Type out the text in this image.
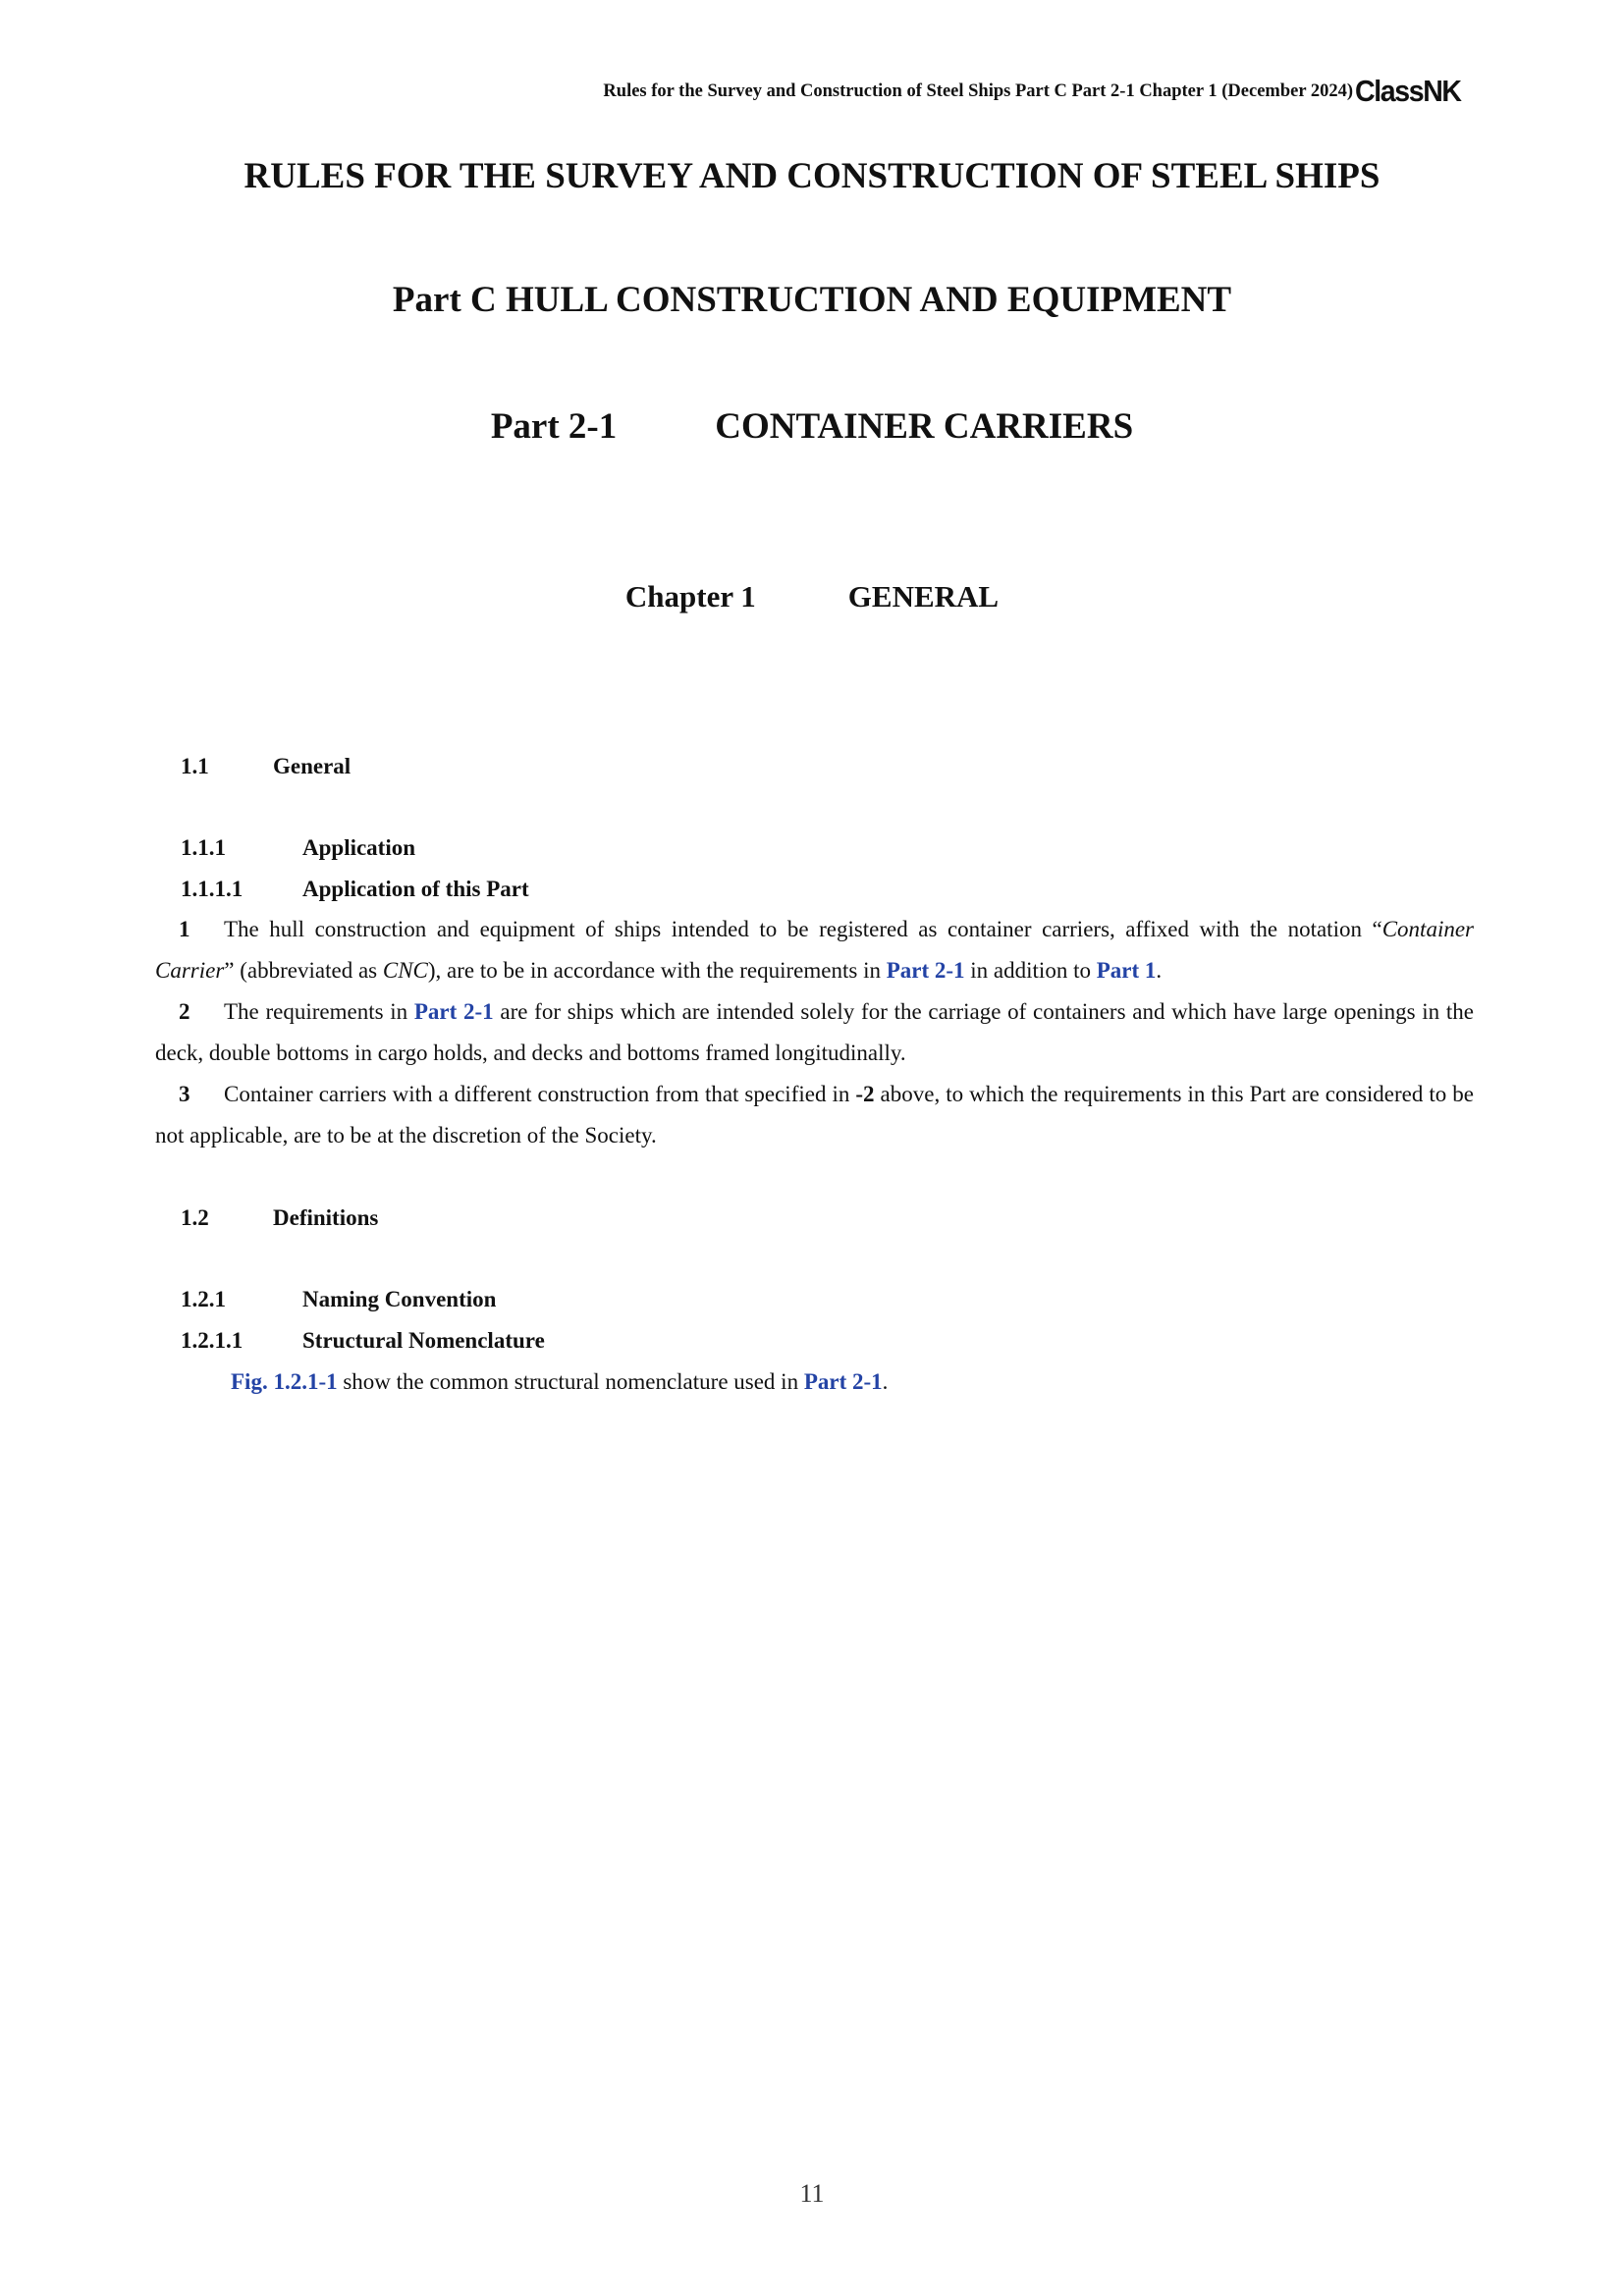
Rules for the Survey and Construction of Steel Ships Part C Part 2-1 Chapter 1 (December 2024) ClassNK
RULES FOR THE SURVEY AND CONSTRUCTION OF STEEL SHIPS
Part C HULL CONSTRUCTION AND EQUIPMENT
Part 2-1	CONTAINER CARRIERS
Chapter 1	GENERAL
1.1	General
1.1.1	Application
1.1.1.1	Application of this Part
1 The hull construction and equipment of ships intended to be registered as container carriers, affixed with the notation “Container Carrier” (abbreviated as CNC), are to be in accordance with the requirements in Part 2-1 in addition to Part 1.
2 The requirements in Part 2-1 are for ships which are intended solely for the carriage of containers and which have large openings in the deck, double bottoms in cargo holds, and decks and bottoms framed longitudinally.
3 Container carriers with a different construction from that specified in -2 above, to which the requirements in this Part are considered to be not applicable, are to be at the discretion of the Society.
1.2	Definitions
1.2.1	Naming Convention
1.2.1.1	Structural Nomenclature
Fig. 1.2.1-1 show the common structural nomenclature used in Part 2-1.
11
